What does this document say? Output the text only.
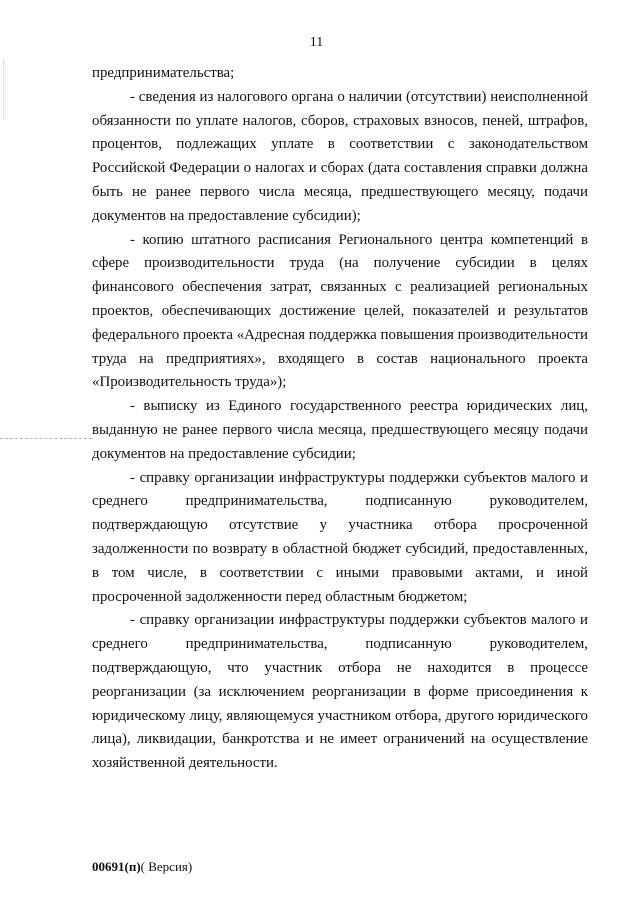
11

предпринимательства;

- сведения из налогового органа о наличии (отсутствии) неисполненной обязанности по уплате налогов, сборов, страховых взносов, пеней, штрафов, процентов, подлежащих уплате в соответствии с законодательством Российской Федерации о налогах и сборах (дата составления справки должна быть не ранее первого числа месяца, предшествующего месяцу, подачи документов на предоставление субсидии);

- копию штатного расписания Регионального центра компетенций в сфере производительности труда (на получение субсидии в целях финансового обеспечения затрат, связанных с реализацией региональных проектов, обеспечивающих достижение целей, показателей и результатов федерального проекта «Адресная поддержка повышения производительности труда на предприятиях», входящего в состав национального проекта «Производительность труда»);

- выписку из Единого государственного реестра юридических лиц, выданную не ранее первого числа месяца, предшествующего месяцу подачи документов на предоставление субсидии;

- справку организации инфраструктуры поддержки субъектов малого и среднего предпринимательства, подписанную руководителем, подтверждающую отсутствие у участника отбора просроченной задолженности по возврату в областной бюджет субсидий, предоставленных, в том числе, в соответствии с иными правовыми актами, и иной просроченной задолженности перед областным бюджетом;

- справку организации инфраструктуры поддержки субъектов малого и среднего предпринимательства, подписанную руководителем, подтверждающую, что участник отбора не находится в процессе реорганизации (за исключением реорганизации в форме присоединения к юридическому лицу, являющемуся участником отбора, другого юридического лица), ликвидации, банкротства и не имеет ограничений на осуществление хозяйственной деятельности.

00691(п)( Версия)
